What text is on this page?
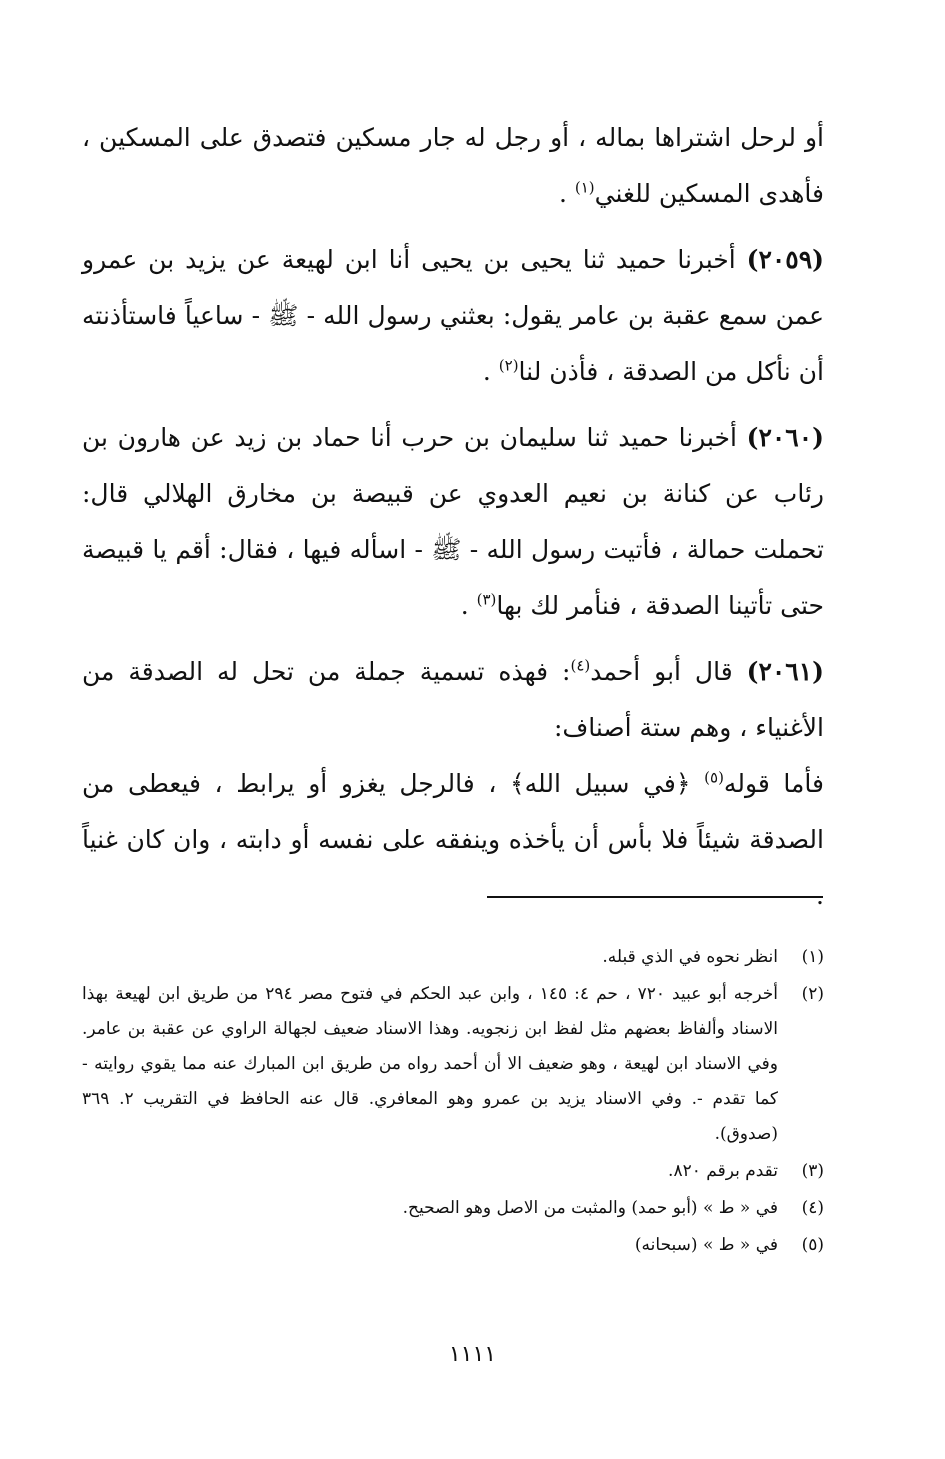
أو لرحل اشتراها بماله ، أو رجل له جار مسكين فتصدق على المسكين ، فأهدى المسكين للغني$^{(١)}$ .

(٢٠٥٩) أخبرنا حميد ثنا يحيى بن يحيى أنا ابن لهيعة عن يزيد بن عمرو عمن سمع عقبة بن عامر يقول: بعثني رسول الله - ﷺ - ساعياً فاستأذنته أن نأكل من الصدقة ، فأذن لنا$^{(٢)}$ .

(٢٠٦٠) أخبرنا حميد ثنا سليمان بن حرب أنا حماد بن زيد عن هارون بن رئاب عن كنانة بن نعيم العدوي عن قبيصة بن مخارق الهلالي قال: تحملت حمالة ، فأتيت رسول الله - ﷺ - اسأله فيها ، فقال: أقم يا قبيصة حتى تأتينا الصدقة ، فنأمر لك بها$^{(٣)}$ .

(٢٠٦١) قال أبو أحمد$^{(٤)}$: فهذه تسمية جملة من تحل له الصدقة من الأغنياء ، وهم ستة أصناف:

فأما قوله$^{(٥)}$ ﴿في سبيل الله﴾ ، فالرجل يغزو أو يرابط ، فيعطى من الصدقة شيئاً فلا بأس أن يأخذه وينفقه على نفسه أو دابته ، وان كان غنياً .

(١)
انظر نحوه في الذي قبله.
(٢)
أخرجه أبو عبيد ٧٢٠ ، حم ٤: ١٤٥ ، وابن عبد الحكم في فتوح مصر ٢٩٤ من طريق ابن لهيعة بهذا الاسناد وألفاظ بعضهم مثل لفظ ابن زنجويه. وهذا الاسناد ضعيف لجهالة الراوي عن عقبة بن عامر. وفي الاسناد ابن لهيعة ، وهو ضعيف الا أن أحمد رواه من طريق ابن المبارك عنه مما يقوي روايته - كما تقدم -. وفي الاسناد يزيد بن عمرو وهو المعافري. قال عنه الحافظ في التقريب ٢. ٣٦٩ (صدوق).
(٣)
تقدم برقم ٨٢٠.
(٤)
في « ط » (أبو حمد) والمثبت من الاصل وهو الصحيح.
(٥)
في « ط » (سبحانه)
١١١١
